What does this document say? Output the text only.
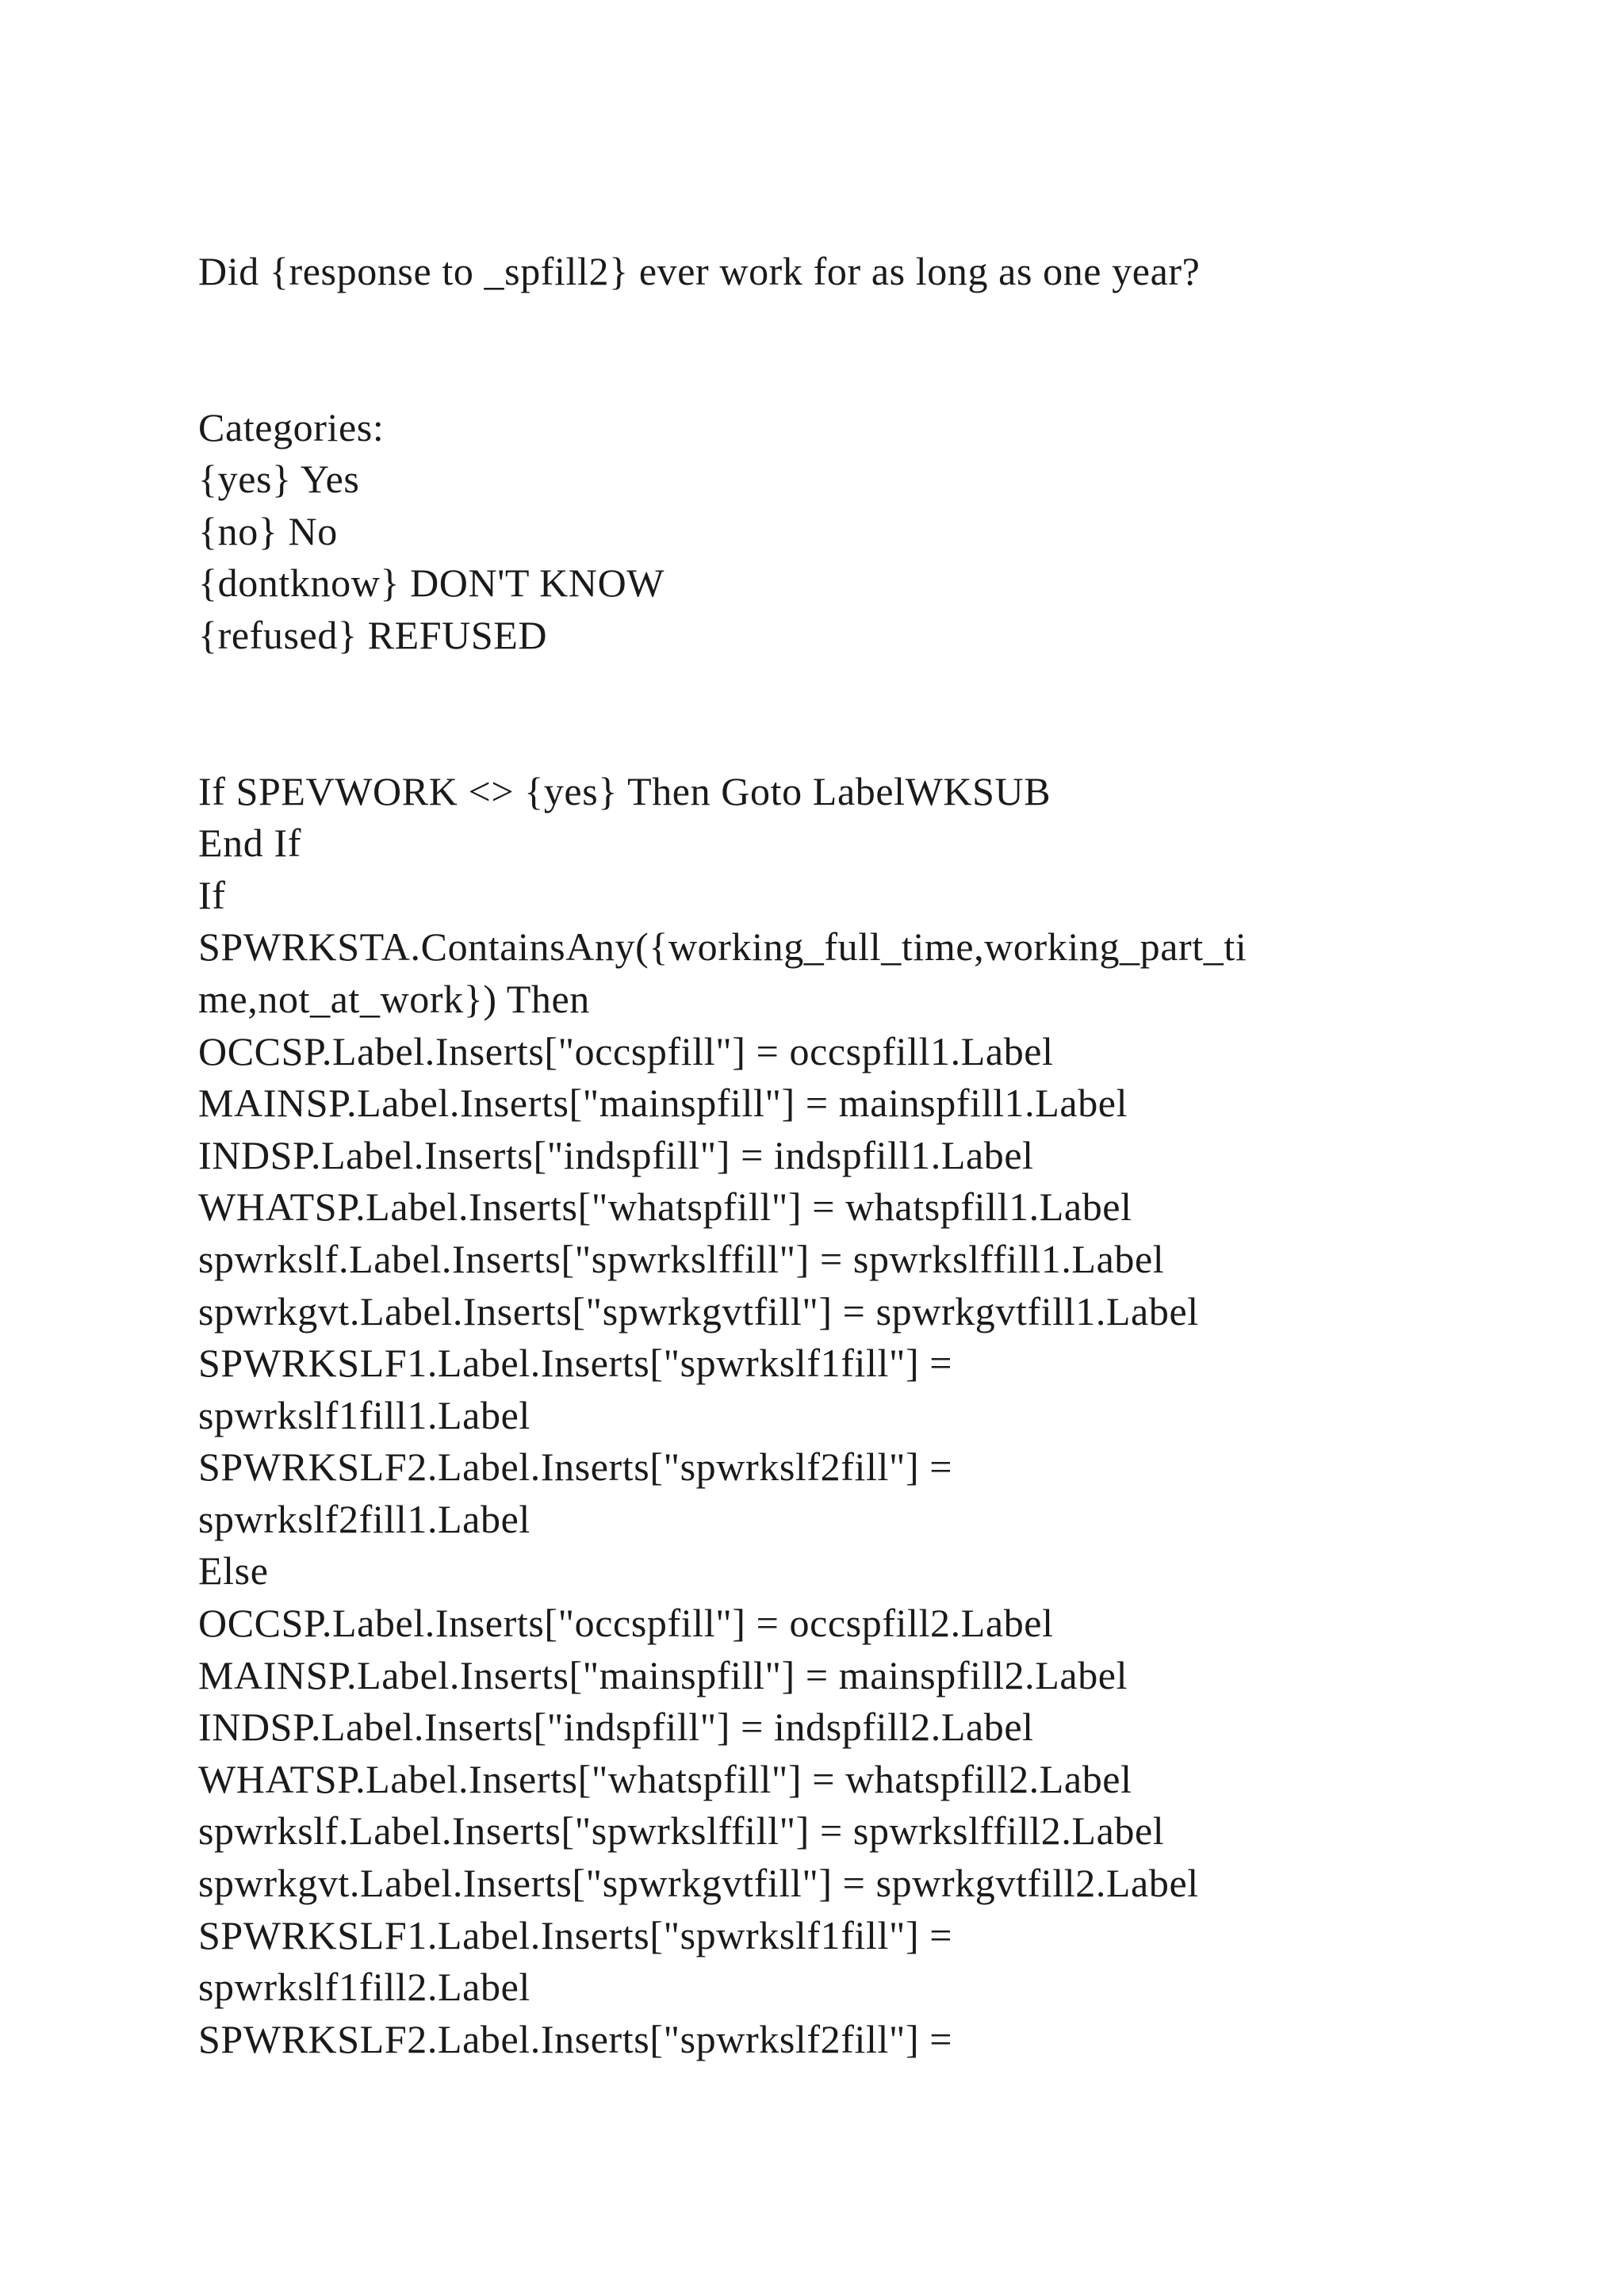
Did {response to _spfill2} ever work for as long as one year?
Categories:
{yes} Yes
{no} No
{dontknow} DON'T KNOW
{refused} REFUSED
If SPEVWORK <> {yes} Then Goto LabelWKSUB
End If
If
SPWRKSTA.ContainsAny({working_full_time,working_part_ti
me,not_at_work}) Then
OCCSP.Label.Inserts["occspfill"] = occspfill1.Label
MAINSP.Label.Inserts["mainspfill"] = mainspfill1.Label
INDSP.Label.Inserts["indspfill"] = indspfill1.Label
WHATSP.Label.Inserts["whatspfill"] = whatspfill1.Label
spwrkslf.Label.Inserts["spwrkslffill"] = spwrkslffill1.Label
spwrkgvt.Label.Inserts["spwrkgvtfill"] = spwrkgvtfill1.Label
SPWRKSLF1.Label.Inserts["spwrkslf1fill"] =
spwrkslf1fill1.Label
SPWRKSLF2.Label.Inserts["spwrkslf2fill"] =
spwrkslf2fill1.Label
Else
OCCSP.Label.Inserts["occspfill"] = occspfill2.Label
MAINSP.Label.Inserts["mainspfill"] = mainspfill2.Label
INDSP.Label.Inserts["indspfill"] = indspfill2.Label
WHATSP.Label.Inserts["whatspfill"] = whatspfill2.Label
spwrkslf.Label.Inserts["spwrkslffill"] = spwrkslffill2.Label
spwrkgvt.Label.Inserts["spwrkgvtfill"] = spwrkgvtfill2.Label
SPWRKSLF1.Label.Inserts["spwrkslf1fill"] =
spwrkslf1fill2.Label
SPWRKSLF2.Label.Inserts["spwrkslf2fill"] =
